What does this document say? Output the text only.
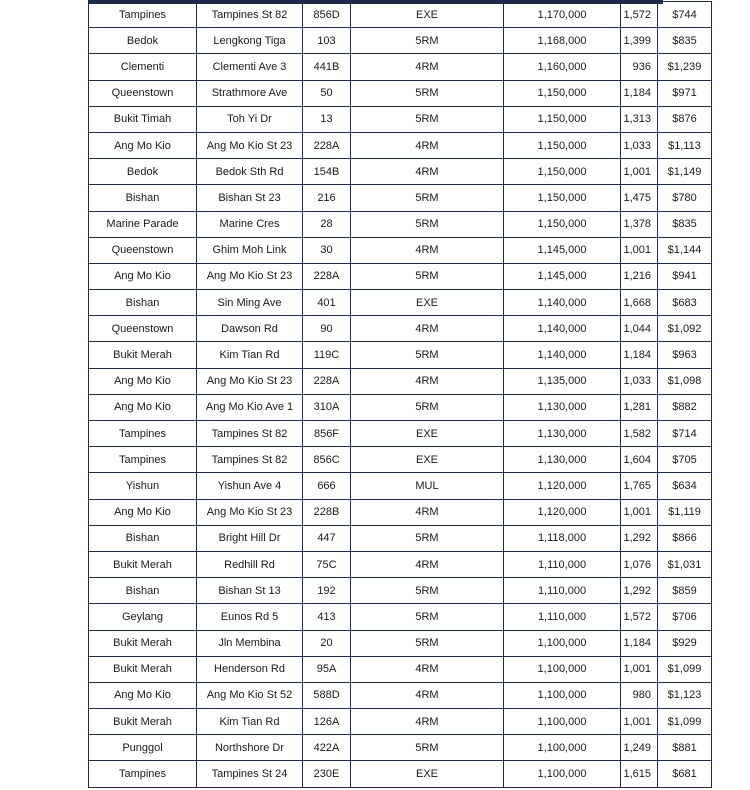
Tampines	Tampines St 82	856D	EXE	1,170,000	1,572	$744
Bedok	Lengkong Tiga	103	5RM	1,168,000	1,399	$835
Clementi	Clementi Ave 3	441B	4RM	1,160,000	936	$1,239
Queenstown	Strathmore Ave	50	5RM	1,150,000	1,184	$971
Bukit Timah	Toh Yi Dr	13	5RM	1,150,000	1,313	$876
Ang Mo Kio	Ang Mo Kio St 23	228A	4RM	1,150,000	1,033	$1,113
Bedok	Bedok Sth Rd	154B	4RM	1,150,000	1,001	$1,149
Bishan	Bishan St 23	216	5RM	1,150,000	1,475	$780
Marine Parade	Marine Cres	28	5RM	1,150,000	1,378	$835
Queenstown	Ghim Moh Link	30	4RM	1,145,000	1,001	$1,144
Ang Mo Kio	Ang Mo Kio St 23	228A	5RM	1,145,000	1,216	$941
Bishan	Sin Ming Ave	401	EXE	1,140,000	1,668	$683
Queenstown	Dawson Rd	90	4RM	1,140,000	1,044	$1,092
Bukit Merah	Kim Tian Rd	119C	5RM	1,140,000	1,184	$963
Ang Mo Kio	Ang Mo Kio St 23	228A	4RM	1,135,000	1,033	$1,098
Ang Mo Kio	Ang Mo Kio Ave 1	310A	5RM	1,130,000	1,281	$882
Tampines	Tampines St 82	856F	EXE	1,130,000	1,582	$714
Tampines	Tampines St 82	856C	EXE	1,130,000	1,604	$705
Yishun	Yishun Ave 4	666	MUL	1,120,000	1,765	$634
Ang Mo Kio	Ang Mo Kio St 23	228B	4RM	1,120,000	1,001	$1,119
Bishan	Bright Hill Dr	447	5RM	1,118,000	1,292	$866
Bukit Merah	Redhill Rd	75C	4RM	1,110,000	1,076	$1,031
Bishan	Bishan St 13	192	5RM	1,110,000	1,292	$859
Geylang	Eunos Rd 5	413	5RM	1,110,000	1,572	$706
Bukit Merah	Jln Membina	20	5RM	1,100,000	1,184	$929
Bukit Merah	Henderson Rd	95A	4RM	1,100,000	1,001	$1,099
Ang Mo Kio	Ang Mo Kio St 52	588D	4RM	1,100,000	980	$1,123
Bukit Merah	Kim Tian Rd	126A	4RM	1,100,000	1,001	$1,099
Punggol	Northshore Dr	422A	5RM	1,100,000	1,249	$881
Tampines	Tampines St 24	230E	EXE	1,100,000	1,615	$681
